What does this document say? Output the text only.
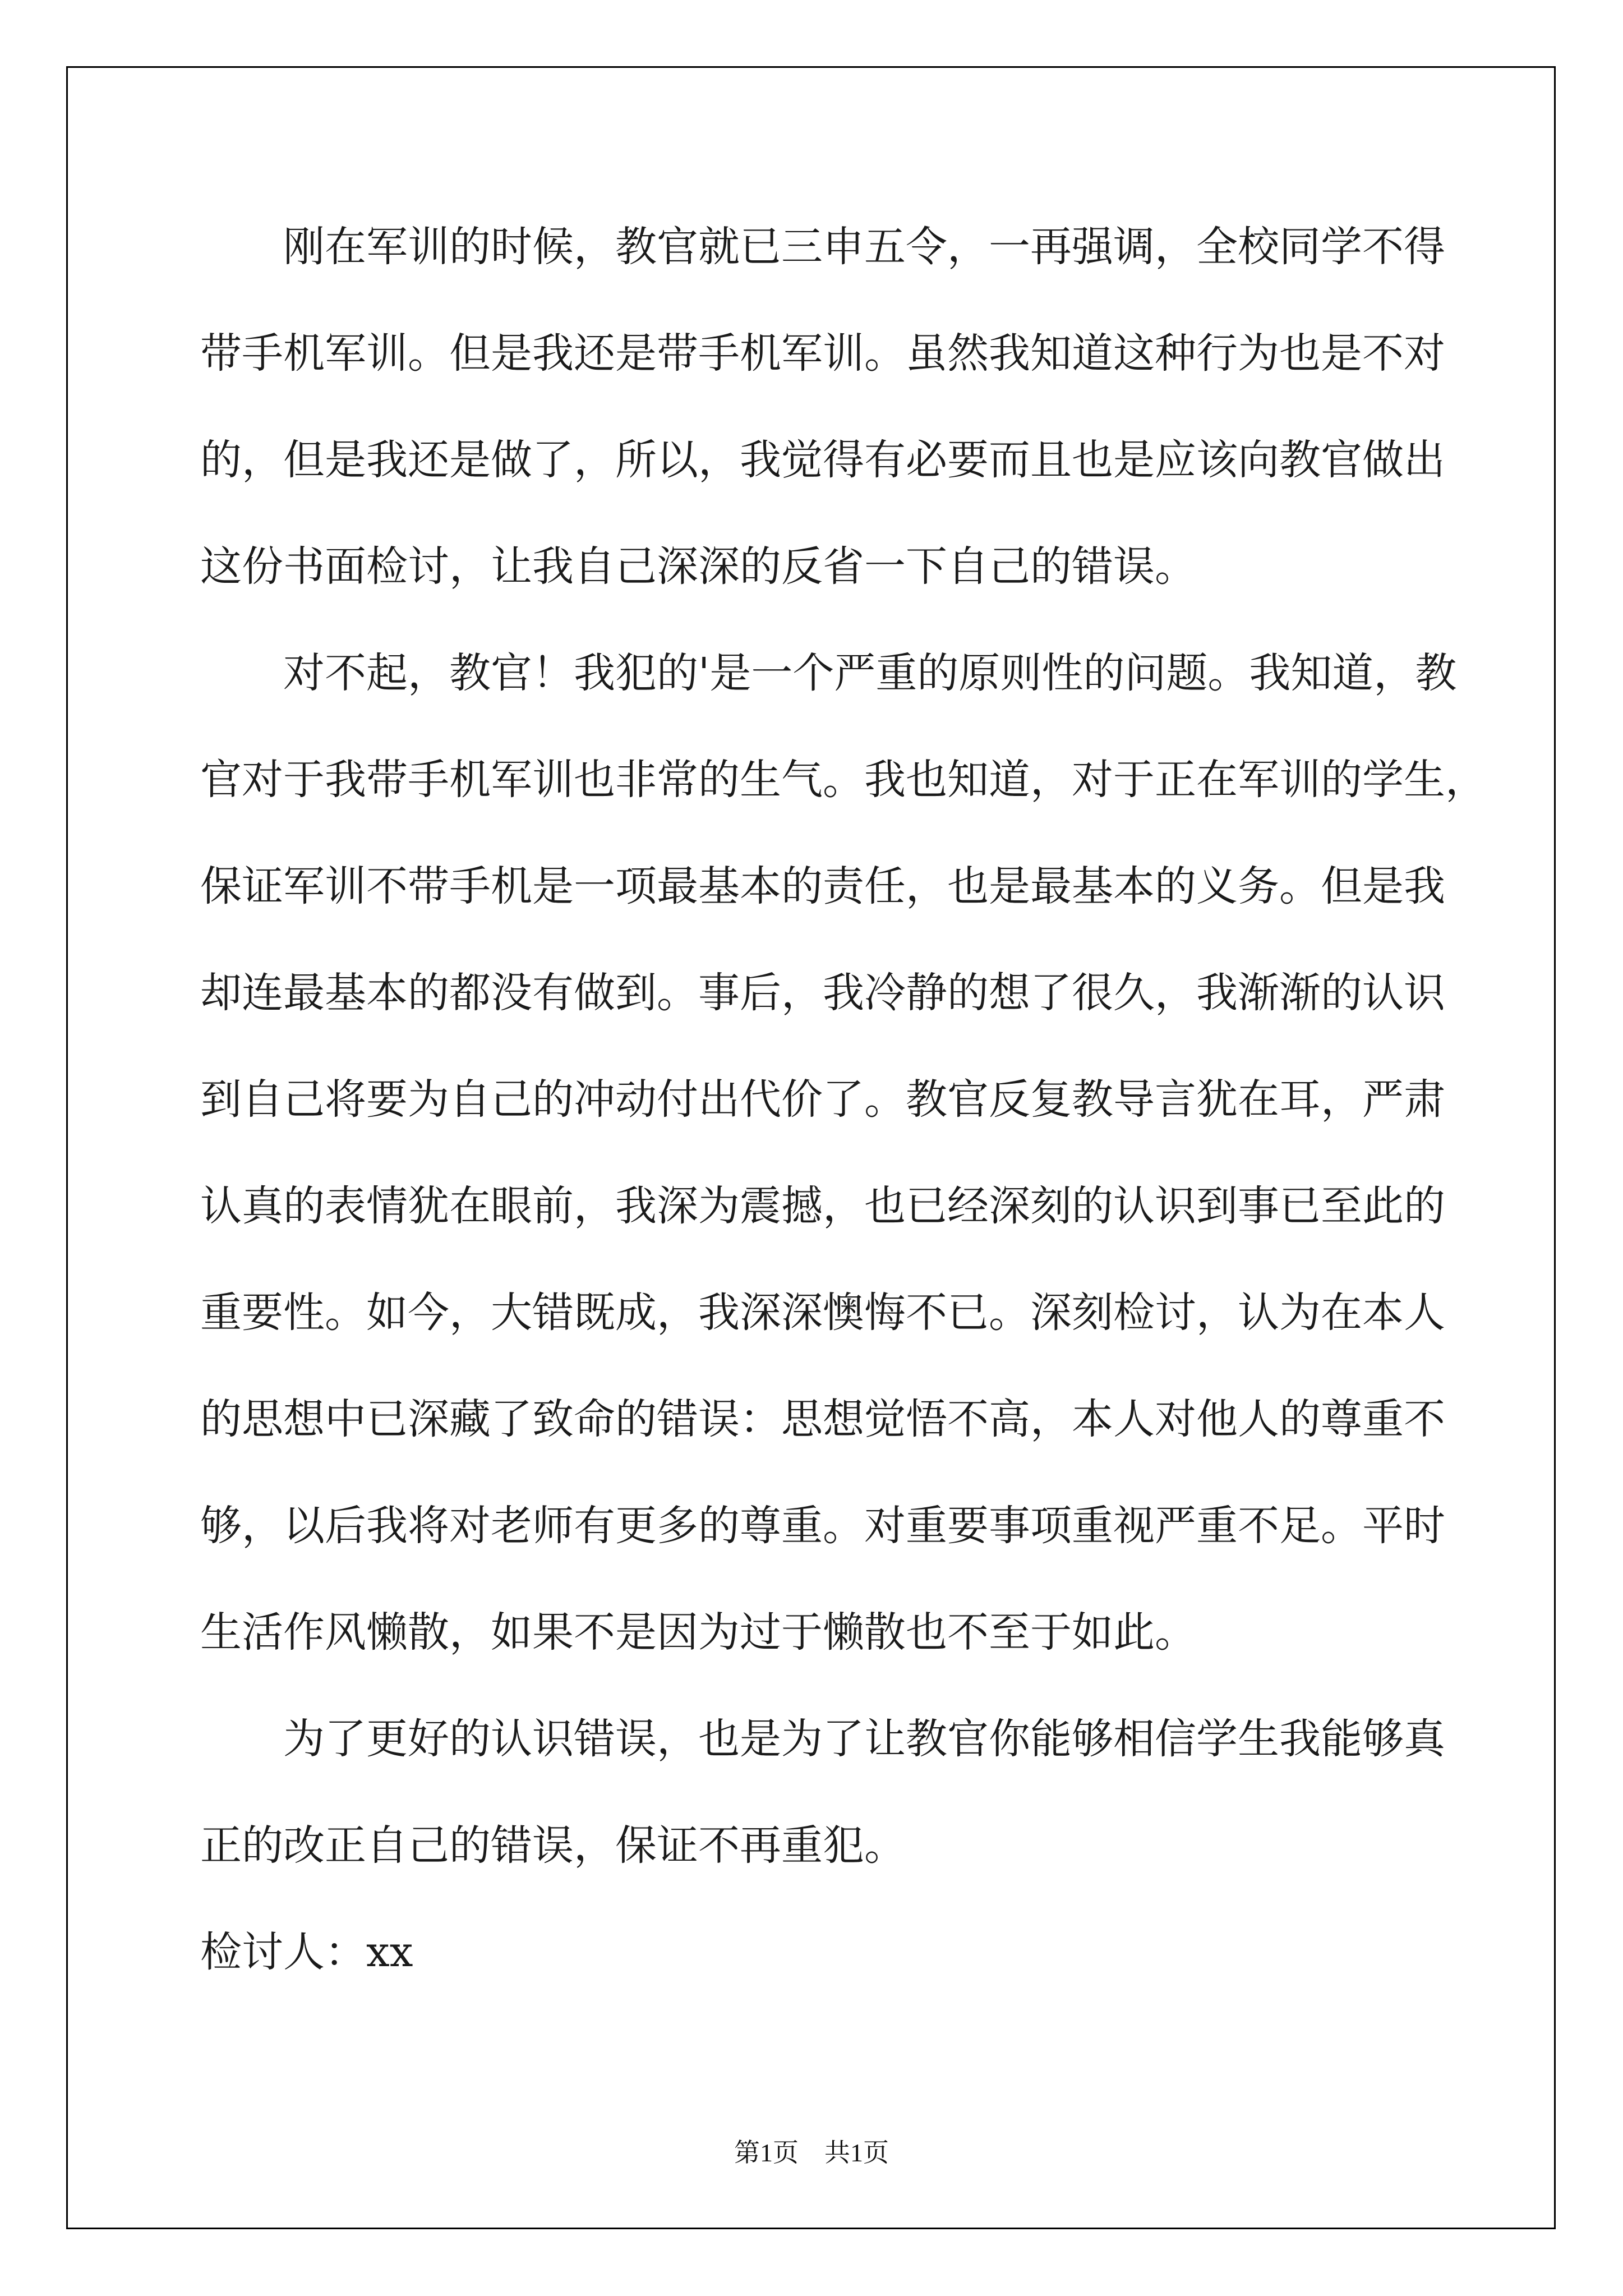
刚在军训的时候，教官就已三申五令，一再强调，全校同学不得
带手机军训。但是我还是带手机军训。虽然我知道这种行为也是不对
的，但是我还是做了，所以，我觉得有必要而且也是应该向教官做出
这份书面检讨，让我自己深深的反省一下自己的错误。
对不起，教官！我犯的'是一个严重的原则性的问题。我知道，教
官对于我带手机军训也非常的生气。我也知道，对于正在军训的学生，
保证军训不带手机是一项最基本的责任，也是最基本的义务。但是我
却连最基本的都没有做到。事后，我冷静的想了很久，我渐渐的认识
到自己将要为自己的冲动付出代价了。教官反复教导言犹在耳，严肃
认真的表情犹在眼前，我深为震撼，也已经深刻的认识到事已至此的
重要性。如今，大错既成，我深深懊悔不已。深刻检讨，认为在本人
的思想中已深藏了致命的错误：思想觉悟不高，本人对他人的尊重不
够，以后我将对老师有更多的尊重。对重要事项重视严重不足。平时
生活作风懒散，如果不是因为过于懒散也不至于如此。
为了更好的认识错误，也是为了让教官你能够相信学生我能够真
正的改正自己的错误，保证不再重犯。
检讨人：xx
第1页 共1页
